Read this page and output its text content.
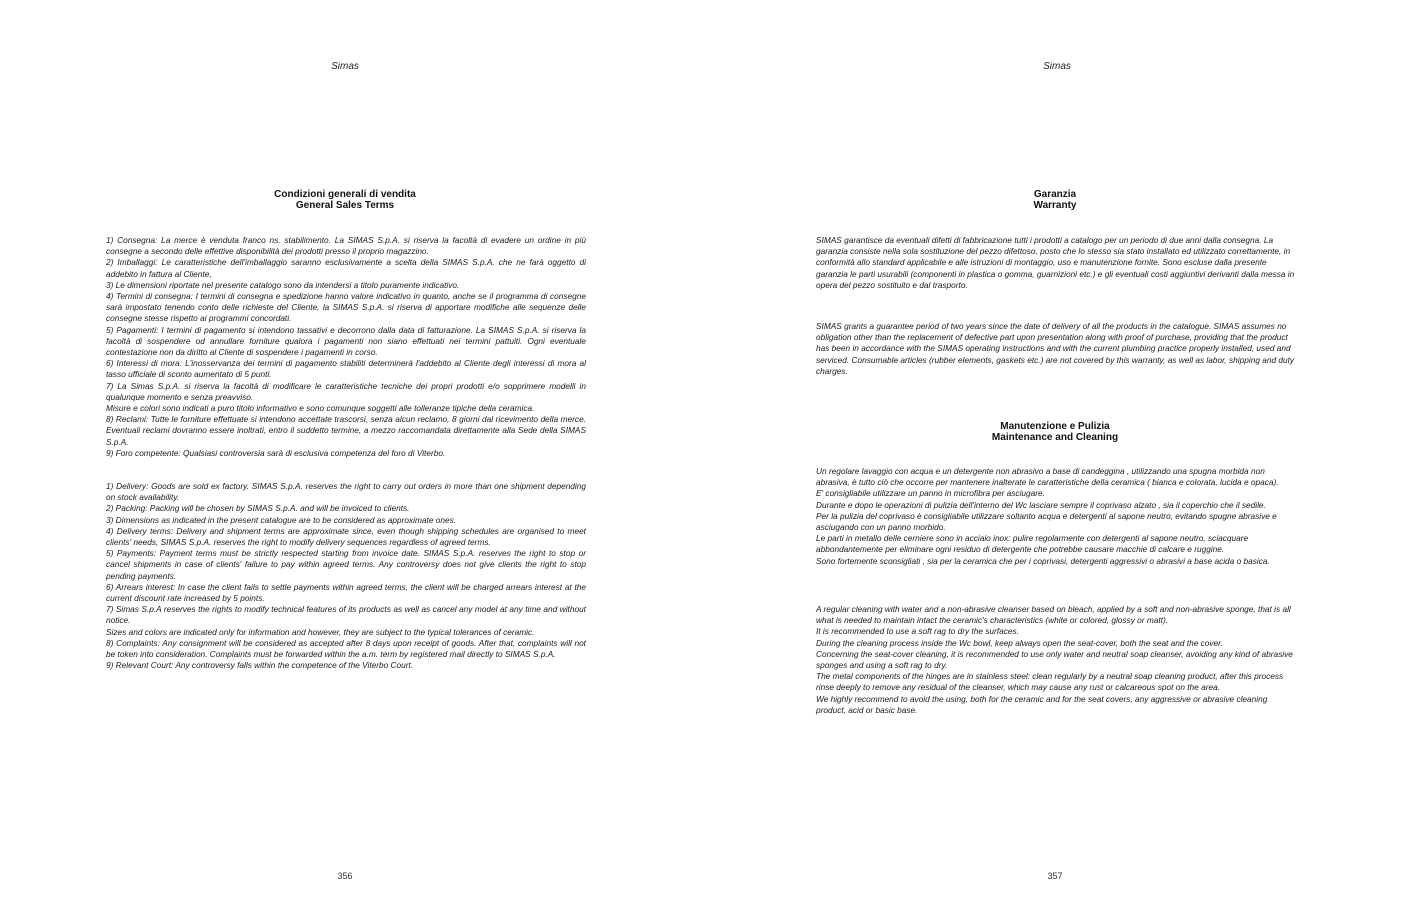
Simas
Condizioni generali di vendita
General Sales Terms

1) Consegna: La merce è venduta franco ns. stabilimento. La SIMAS S.p.A. si riserva la facoltà di evadere un ordine in più consegne a secondo delle effettive disponibilità dei prodotti presso il proprio magazzino.

2) Imballaggi: Le caratteristiche dell'imballaggio saranno esclusivamente a scelta della SIMAS S.p.A. che ne farà oggetto di addebito in fattura al Cliente,

3) Le dimensioni riportate nel presente catalogo sono da intendersi a titolo puramente indicativo.

4) Termini di consegna: I termini di consegna e spedizione hanno valore indicativo in quanto, anche se il programma di consegne sarà impostato tenendo conto delle richieste del Cliente, la SIMAS S.p.A. si riserva di apportare modifiche alle sequenze delle consegne stesse rispetto ai programmi concordati.

5) Pagamenti: I termini di pagamento si intendono tassativi e decorrono dalla data di fatturazione. La SIMAS S.p.A. si riserva la facoltà di sospendere od annullare forniture qualora i pagamenti non siano effettuati nei termini pattuiti. Ogni eventuale contestazione non da diritto al Cliente di sospendere i pagamenti in corso.

6) Interessi di mora: L'inosservanza dei termini di pagamento stabiliti determinerà l'addebito al Cliente degli interessi di mora al tasso ufficiale di sconto aumentato di 5 punti.

7) La Simas S.p.A. si riserva la facoltà di modificare le caratteristiche tecniche dei propri prodotti e/o sopprimere modelli in qualunque momento e senza preavviso.

Misure e colori sono indicati a puro titolo informativo e sono comunque soggetti alle tolleranze tipiche della ceramica.

8) Reclami: Tutte le forniture effettuate si intendono accettate trascorsi, senza alcun reclamo, 8 giorni dal ricevimento della merce. Eventuali reclami dovranno essere inoltrati, entro il suddetto termine, a mezzo raccomandata direttamente alla Sede della SIMAS S.p.A.

9) Foro competente: Qualsiasi controversia sarà di esclusiva competenza del foro di Viterbo.

1) Delivery: Goods are sold ex factory. SIMAS S.p.A. reserves the right to carry out orders in more than one shipment depending on stock availability.

2) Packing: Packing will be chosen by SIMAS S.p.A. and will be invoiced to clients.

3) Dimensions as indicated in the present catalogue are to be considered as approximate ones.

4) Delivery terms: Delivery and shipment terms are approximate since, even though shipping schedules are organised to meet clients' needs, SIMAS S.p.A. reserves the right to modify delivery sequences regardless of agreed terms.

5) Payments: Payment terms must be strictly respected starting from invoice date. SIMAS S.p.A. reserves the right to stop or cancel shipments in case of clients' failure to pay within agreed terms. Any controversy does not give clients the right to stop pending payments.

6) Arrears interest: In case the client fails to settle payments within agreed terms, the client will be charged arrears interest at the current discount rate increased by 5 points.

7) Simas S.p.A reserves the rights to modify technical features of its products as well as cancel any model at any time and without notice.

Sizes and colors are indicated only for information and however, they are subject to the typical tolerances of ceramic.

8) Complaints: Any consignment will be considered as accepted after 8 days upon receipt of goods. After that, complaints will not be token into consideration. Complaints must be forwarded within the a.m. term by registered mail directly to SIMAS S.p.A.

9) Relevant Court: Any controversy falls within the competence of the Viterbo Court.

356
Simas
Garanzia
Warranty

SIMAS garantisce da eventuali difetti di fabbricazione tutti i prodotti a catalogo per un periodo di due anni dalla consegna. La garanzia consiste nella sola sostituzione del pezzo difettoso, posto che lo stesso sia stato installato ed utilizzato correttamente, in conformità allo standard applicabile e alle istruzioni di montaggio, uso e manutenzione fornite. Sono escluse dalla presente garanzia le parti usurabili (componenti in plastica o gomma, guarnizioni etc.) e gli eventuali costi aggiuntivi derivanti dalla messa in opera del pezzo sostituito e dal trasporto.

SIMAS grants a guarantee period of two years since the date of delivery of all the products in the catalogue. SIMAS assumes no obligation other than the replacement of defective part upon presentation along with proof of purchase, providing that the product has been in accordance with the SIMAS operating instructions and with the current plumbing practice properly installed, used and serviced. Consumable articles (rubber elements, gaskets etc.) are not covered by this warranty, as well as labor, shipping and duty charges.

Manutenzione e Pulizia
Maintenance and Cleaning

Un regolare lavaggio con acqua e un detergente non abrasivo a base di candeggina , utilizzando una spugna morbida non abrasiva, è tutto ciò che occorre per mantenere inalterate le caratteristiche della ceramica ( bianca e colorata, lucida e opaca).

E' consigliabile utilizzare un panno in microfibra per asciugare.

Durante e dopo le operazioni di pulizia dell'interno del Wc lasciare sempre il coprivaso alzato , sia il coperchio che il sedile.

Per la pulizia del coprivaso è consigliabile utilizzare soltanto acqua e detergenti al sapone neutro, evitando spugne abrasive e asciugando con un panno morbido.

Le parti in metallo delle cerniere sono in acciaio inox: pulire regolarmente con detergenti al sapone neutro, sciacquare abbondantemente per eliminare ogni residuo di detergente che potrebbe causare macchie di calcare e ruggine.

Sono fortemente sconsigliati , sia per la ceramica che per i coprivasi, detergenti aggressivi o abrasivi a base acida o basica.

A regular cleaning with water and a non-abrasive cleanser based on bleach, applied by a soft and non-abrasive sponge, that is all what is needed to maintain intact the ceramic's characteristics (white or colored, glossy or matt).

It is recommended to use a soft rag to dry the surfaces.

During the cleaning process inside the Wc bowl, keep always open the seat-cover, both the seat and the cover.

Concerning the seat-cover cleaning, it is recommended to use only water and neutral soap cleanser, avoiding any kind of abrasive sponges and using a soft rag to dry.

The metal components of the hinges are in stainless steel: clean regularly by a neutral soap cleaning product, after this process rinse deeply to remove any residual of the cleanser, which may cause any rust or calcareous spot on the area.

We highly recommend to avoid the using, both for the ceramic and for the seat covers, any aggressive or abrasive cleaning product, acid or basic base.

357
